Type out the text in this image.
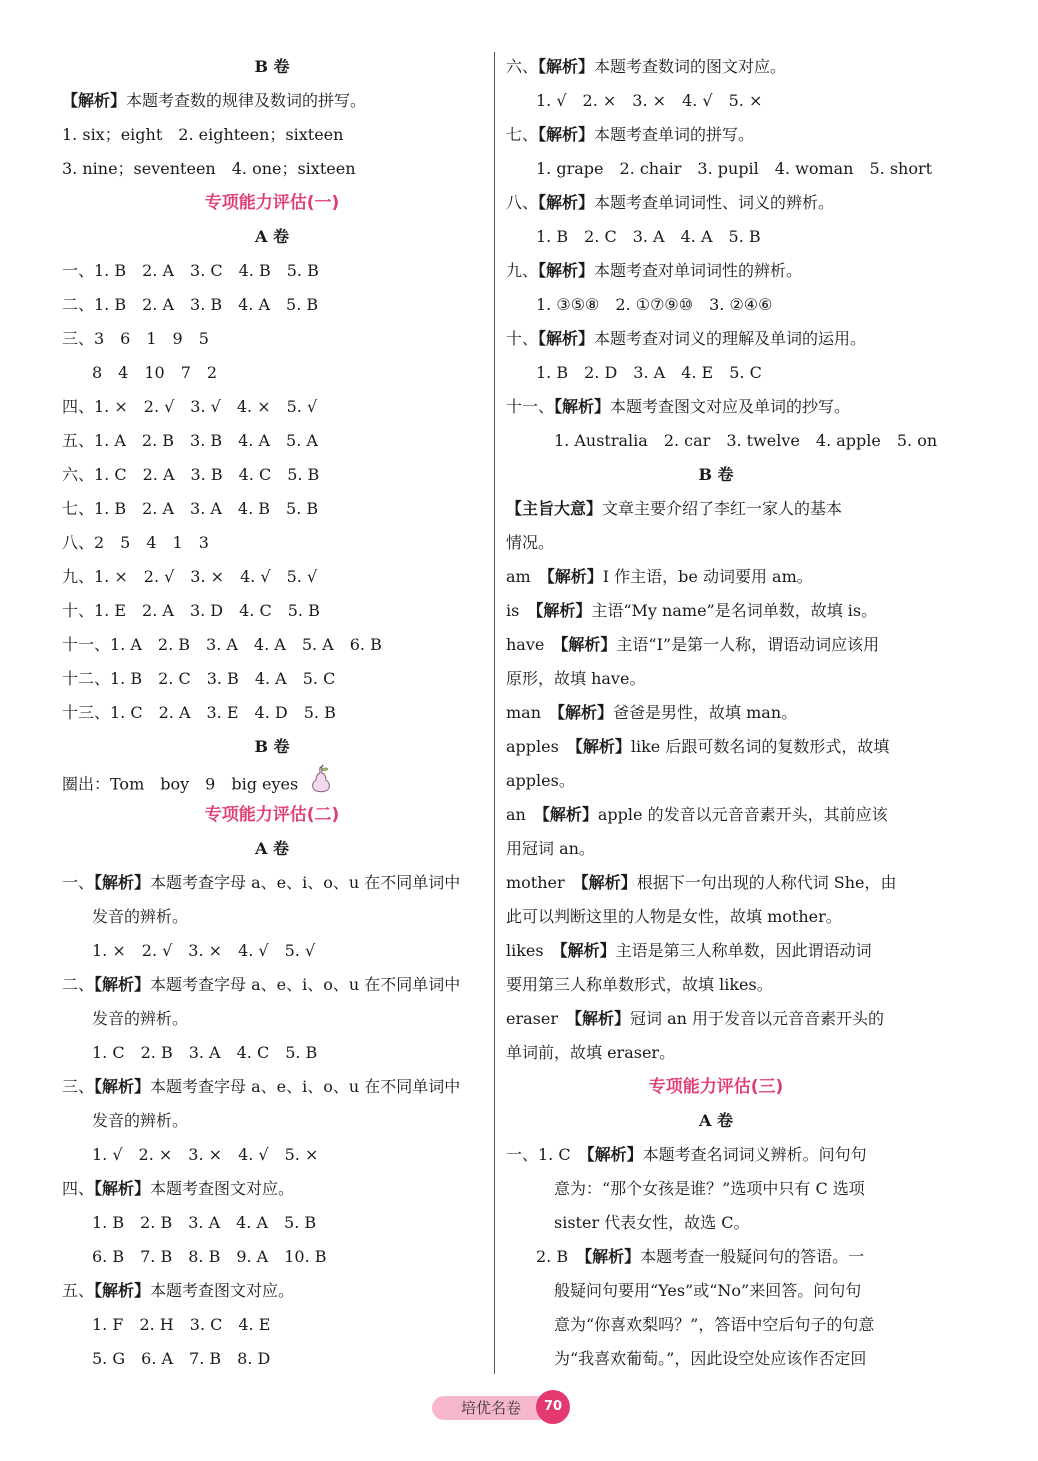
B 卷
【解析】本题考查数的规律及数词的拼写。
1. six；eight　2. eighteen；sixteen
3. nine；seventeen　4. one；sixteen
专项能力评估(一)
A 卷
一、1. B　2. A　3. C　4. B　5. B
二、1. B　2. A　3. B　4. A　5. B
三、3　6　1　9　5
8　4　10　7　2
四、1. ×　2. √　3. √　4. ×　5. √
五、1. A　2. B　3. B　4. A　5. A
六、1. C　2. A　3. B　4. C　5. B
七、1. B　2. A　3. A　4. B　5. B
八、2　5　4　1　3
九、1. ×　2. √　3. ×　4. √　5. √
十、1. E　2. A　3. D　4. C　5. B
十一、1. A　2. B　3. A　4. A　5. A　6. B
十二、1. B　2. C　3. B　4. A　5. C
十三、1. C　2. A　3. E　4. D　5. B
B 卷
圈出：Tom　boy　9　big eyes
专项能力评估(二)
A 卷
一、【解析】本题考查字母 a、e、i、o、u 在不同单词中
发音的辨析。
1. ×　2. √　3. ×　4. √　5. √
二、【解析】本题考查字母 a、e、i、o、u 在不同单词中
发音的辨析。
1. C　2. B　3. A　4. C　5. B
三、【解析】本题考查字母 a、e、i、o、u 在不同单词中
发音的辨析。
1. √　2. ×　3. ×　4. √　5. ×
四、【解析】本题考查图文对应。
1. B　2. B　3. A　4. A　5. B
6. B　7. B　8. B　9. A　10. B
五、【解析】本题考查图文对应。
1. F　2. H　3. C　4. E
5. G　6. A　7. B　8. D
六、【解析】本题考查数词的图文对应。
1. √　2. ×　3. ×　4. √　5. ×
七、【解析】本题考查单词的拼写。
1. grape　2. chair　3. pupil　4. woman　5. short
八、【解析】本题考查单词词性、词义的辨析。
1. B　2. C　3. A　4. A　5. B
九、【解析】本题考查对单词词性的辨析。
1. ③⑤⑧　2. ①⑦⑨⑩　3. ②④⑥
十、【解析】本题考查对词义的理解及单词的运用。
1. B　2. D　3. A　4. E　5. C
十一、【解析】本题考查图文对应及单词的抄写。
1. Australia　2. car　3. twelve　4. apple　5. on
B 卷
【主旨大意】文章主要介绍了李红一家人的基本
情况。
am　 【解析】I 作主语，be 动词要用 am。
is　 【解析】主语“My name”是名词单数，故填 is。
have　 【解析】主语“I”是第一人称，谓语动词应该用
原形，故填 have。
man　 【解析】爸爸是男性，故填 man。
apples　 【解析】like 后跟可数名词的复数形式，故填
apples。
an　 【解析】apple 的发音以元音音素开头，其前应该
用冠词 an。
mother　 【解析】根据下一句出现的人称代词 She，由
此可以判断这里的人物是女性，故填 mother。
likes　 【解析】主语是第三人称单数，因此谓语动词
要用第三人称单数形式，故填 likes。
eraser　 【解析】冠词 an 用于发音以元音音素开头的
单词前，故填 eraser。
专项能力评估(三)
A 卷
一、1. C　 【解析】本题考查名词词义辨析。问句句
意为：“那个女孩是谁？”选项中只有 C 选项
sister 代表女性，故选 C。
2. B　 【解析】本题考查一般疑问句的答语。一
般疑问句要用“Yes”或“No”来回答。问句句
意为“你喜欢梨吗？”，答语中空后句子的句意
为“我喜欢葡萄。”，因此设空处应该作否定回
培优名卷	70
